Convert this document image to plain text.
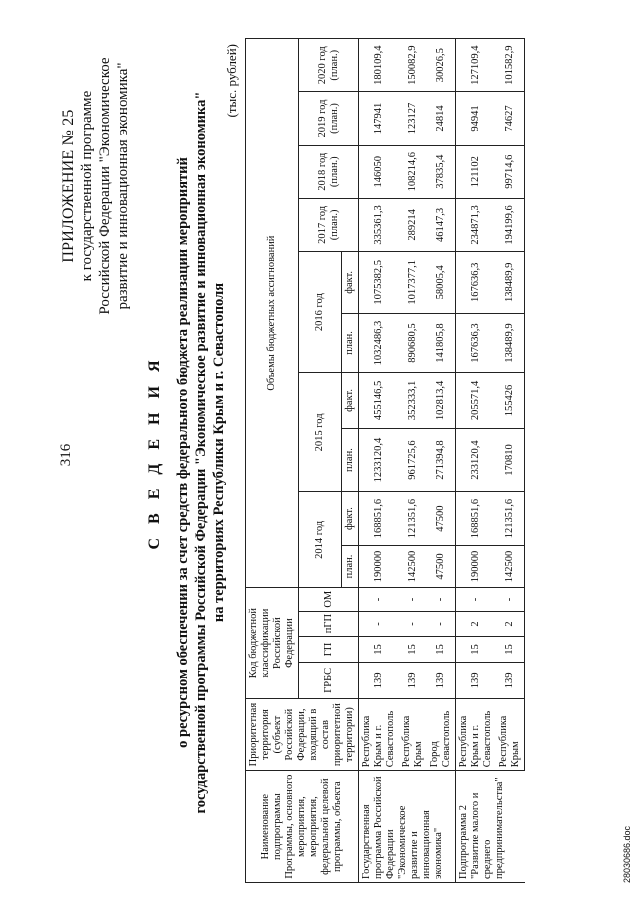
316
ПРИЛОЖЕНИЕ № 25 к государственной программе Российской Федерации "Экономическое развитие и инновационная экономика"
С В Е Д Е Н И Я о ресурсном обеспечении за счет средств федерального бюджета реализации мероприятий государственной программы Российской Федерации "Экономическое развитие и инновационная экономика" на территориях Республики Крым и г. Севастополя
(тыс. рублей)
Наименование подпрограммы Программы, основного мероприятия, мероприятия, федеральной целевой программы, объекта	Приоритетная территория (субъект Российской Федерации, входящий в состав приоритетной территории)	Код бюджетной классификации Российской Федерации				Объемы бюджетных ассигнований									
		ГРБС	ГП	пГП	ОМ	2014 год		2015 год		2016 год		2017 год (план.)	2018 год (план.)	2019 год (план.)	2020 год (план.)
						план.	факт.	план.	факт.	план.	факт.				
Государственная программа Российской Федерации "Экономическое развитие и инновационная экономика"	Республика Крым и г. Севастополь	139	15	-	-	190000	168851,6	1233120,4	455146,5	1032486,3	1075382,5	335361,3	146050	147941	180109,4
	Республика Крым	139	15	-	-	142500	121351,6	961725,6	352333,1	890680,5	1017377,1	289214	108214,6	123127	150082,9
	Город Севастополь	139	15	-	-	47500	47500	271394,8	102813,4	141805,8	58005,4	46147,3	37835,4	24814	30026,5
Подпрограмма 2 "Развитие малого и среднего предпринимательства"	Республика Крым и г. Севастополь	139	15	2	-	190000	168851,6	233120,4	205571,4	167636,3	167636,3	234871,3	121102	94941	127109,4
	Республика Крым	139	15	2	-	142500	121351,6	170810	155426	138489,9	138489,9	194199,6	99714,6	74627	101582,9
28030686.doc
